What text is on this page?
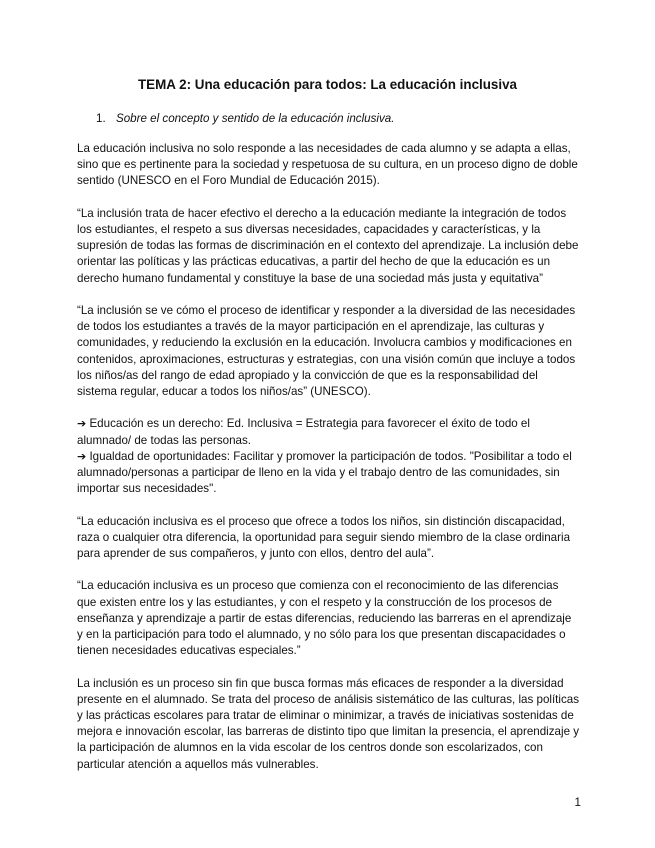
TEMA 2: Una educación para todos: La educación inclusiva
1. Sobre el concepto y sentido de la educación inclusiva.

La educación inclusiva no solo responde a las necesidades de cada alumno y se adapta a ellas, sino que es pertinente para la sociedad y respetuosa de su cultura, en un proceso digno de doble sentido (UNESCO en el Foro Mundial de Educación 2015).

“La inclusión trata de hacer efectivo el derecho a la educación mediante la integración de todos los estudiantes, el respeto a sus diversas necesidades, capacidades y características, y la supresión de todas las formas de discriminación en el contexto del aprendizaje. La inclusión debe orientar las políticas y las prácticas educativas, a partir del hecho de que la educación es un derecho humano fundamental y constituye la base de una sociedad más justa y equitativa”

“La inclusión se ve cómo el proceso de identificar y responder a la diversidad de las necesidades de todos los estudiantes a través de la mayor participación en el aprendizaje, las culturas y comunidades, y reduciendo la exclusión en la educación. Involucra cambios y modificaciones en contenidos, aproximaciones, estructuras y estrategias, con una visión común que incluye a todos los niños/as del rango de edad apropiado y la convicción de que es la responsabilidad del sistema regular, educar a todos los niños/as” (UNESCO).

➔ Educación es un derecho: Ed. Inclusiva = Estrategia para favorecer el éxito de todo el alumnado/ de todas las personas.

➔ Igualdad de oportunidades: Facilitar y promover la participación de todos. "Posibilitar a todo el alumnado/personas a participar de lleno en la vida y el trabajo dentro de las comunidades, sin importar sus necesidades".

“La educación inclusiva es el proceso que ofrece a todos los niños, sin distinción discapacidad, raza o cualquier otra diferencia, la oportunidad para seguir siendo miembro de la clase ordinaria para aprender de sus compañeros, y junto con ellos, dentro del aula”.

“La educación inclusiva es un proceso que comienza con el reconocimiento de las diferencias que existen entre los y las estudiantes, y con el respeto y la construcción de los procesos de enseñanza y aprendizaje a partir de estas diferencias, reduciendo las barreras en el aprendizaje y en la participación para todo el alumnado, y no sólo para los que presentan discapacidades o tienen necesidades educativas especiales.”

La inclusión es un proceso sin fin que busca formas más eficaces de responder a la diversidad presente en el alumnado. Se trata del proceso de análisis sistemático de las culturas, las políticas y las prácticas escolares para tratar de eliminar o minimizar, a través de iniciativas sostenidas de mejora e innovación escolar, las barreras de distinto tipo que limitan la presencia, el aprendizaje y la participación de alumnos en la vida escolar de los centros donde son escolarizados, con particular atención a aquellos más vulnerables.

1
